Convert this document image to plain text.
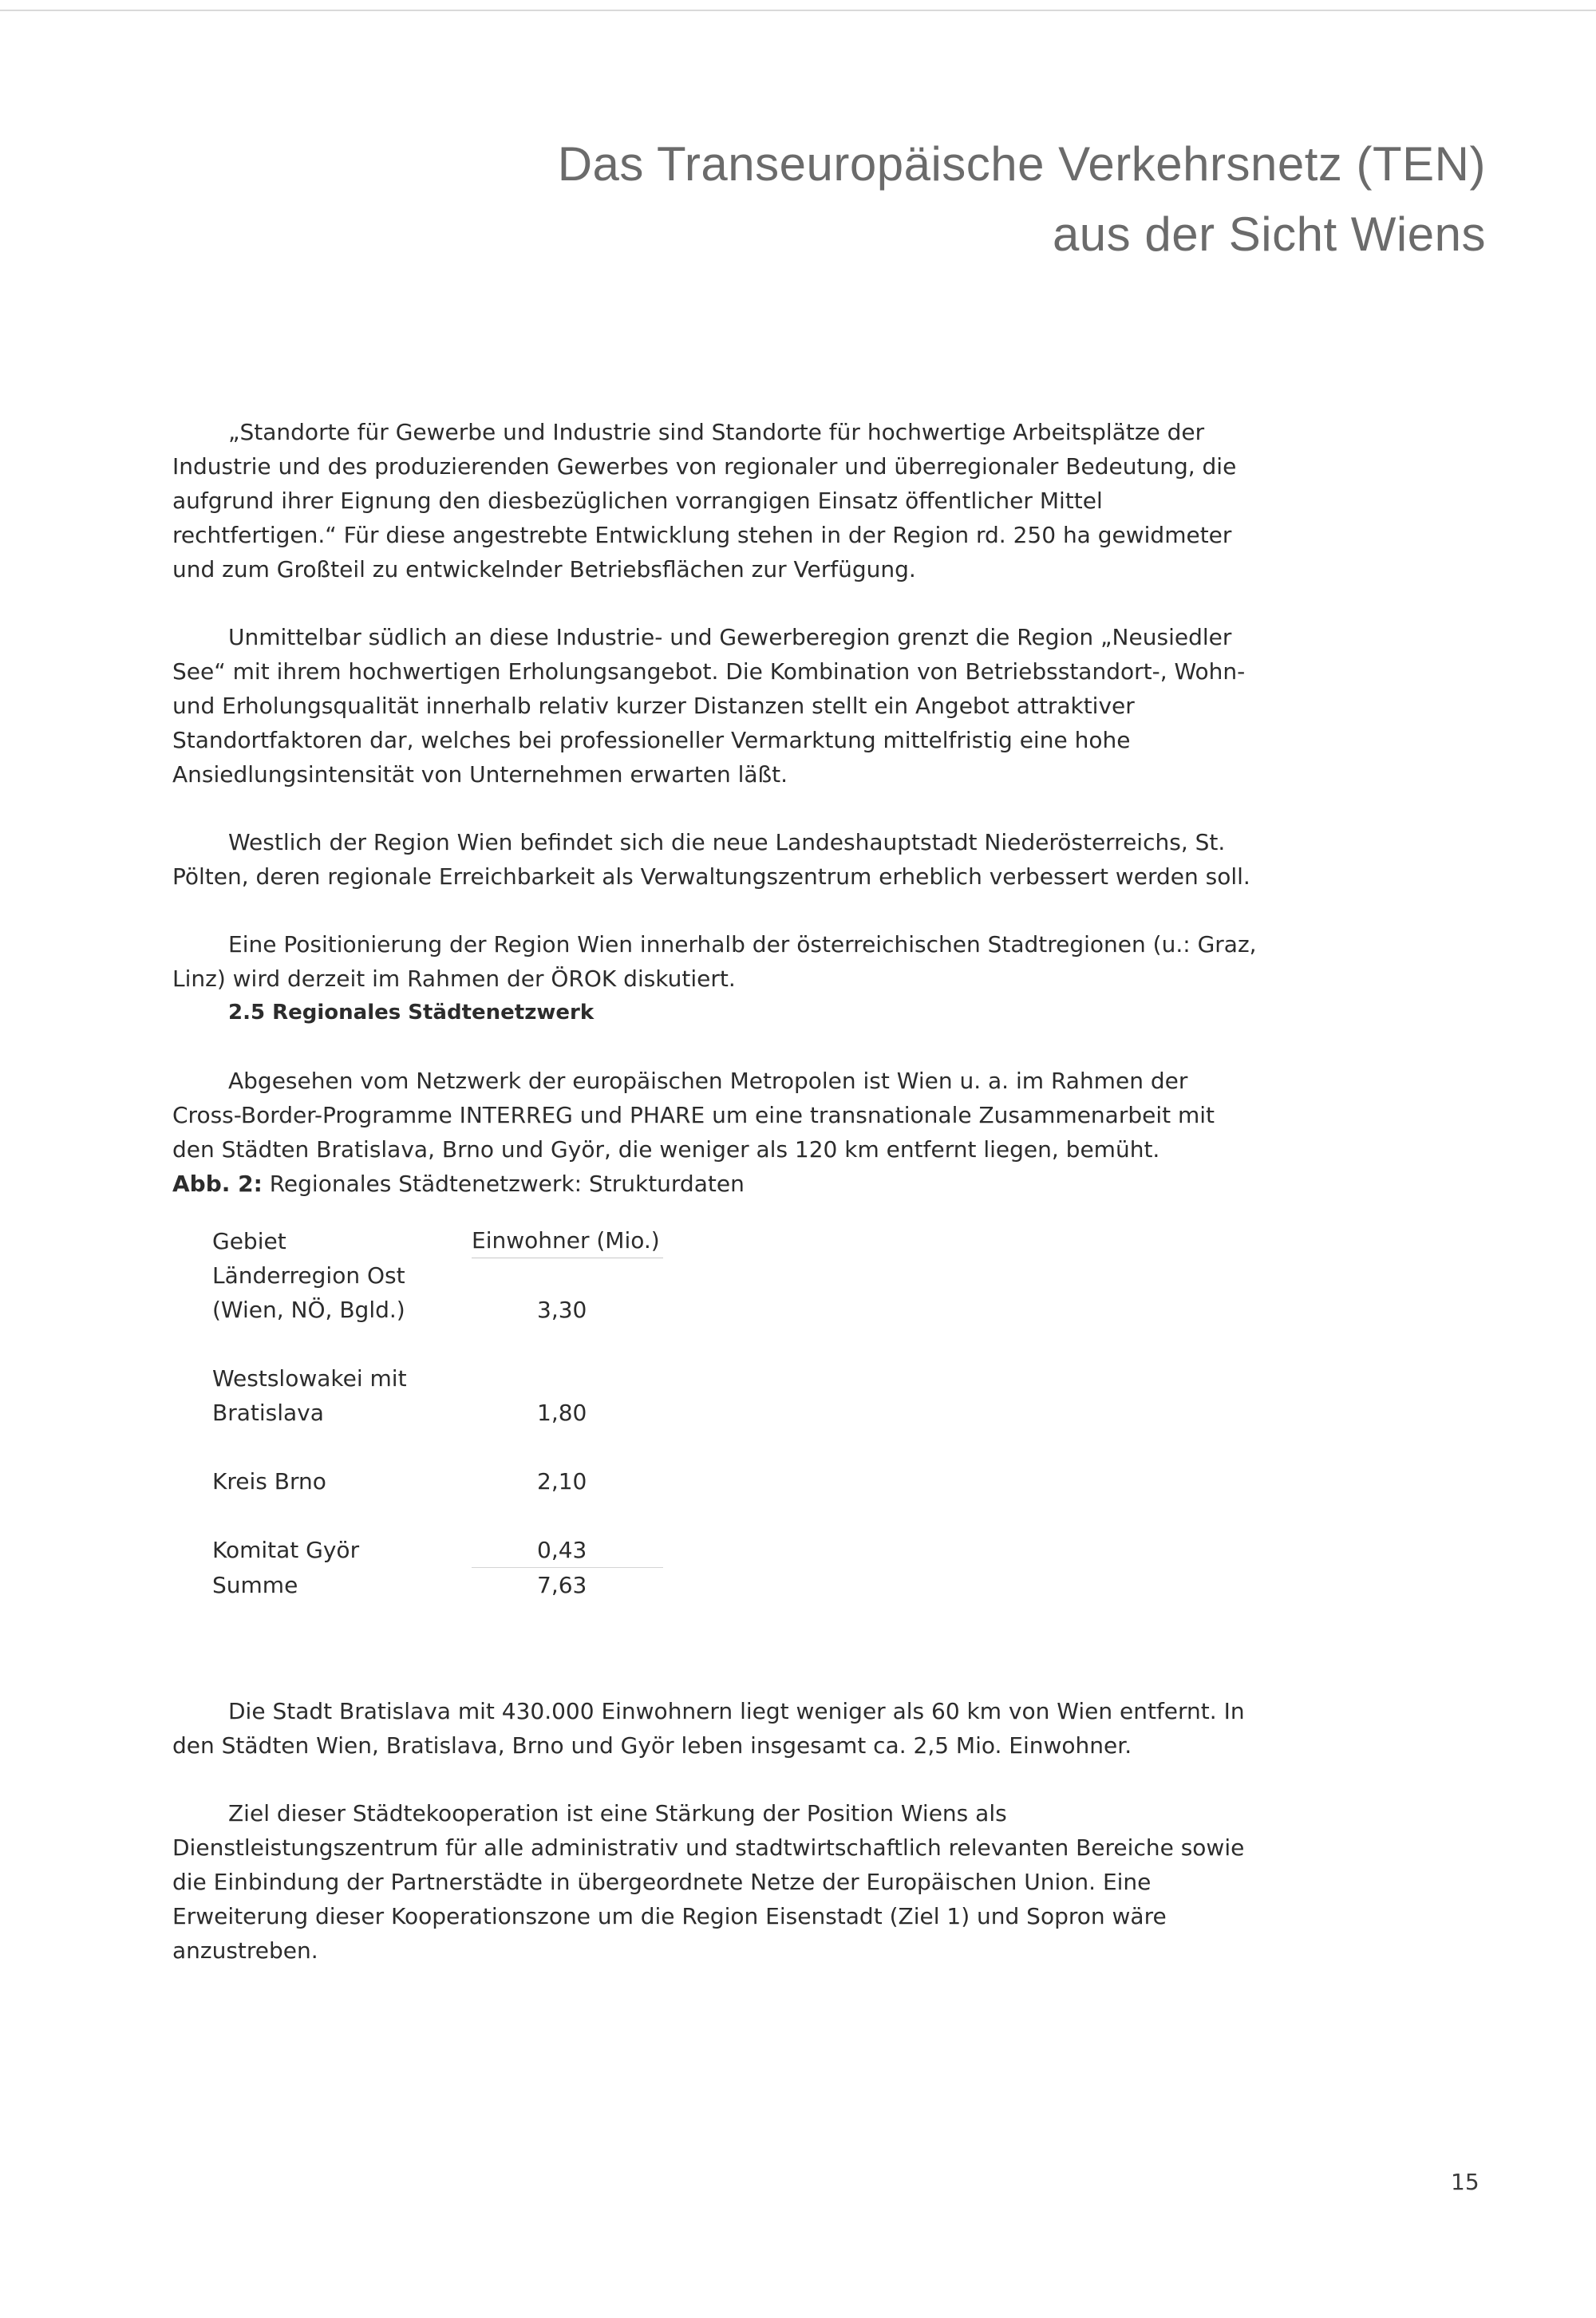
Das Transeuropäische Verkehrsnetz (TEN)
aus der Sicht Wiens

„Standorte für Gewerbe und Industrie sind Standorte für hochwertige Arbeitsplätze der Industrie und des produzierenden Gewerbes von regionaler und überregionaler Bedeutung, die aufgrund ihrer Eignung den diesbezüglichen vorrangigen Einsatz öffentlicher Mittel rechtfertigen.“ Für diese angestrebte Entwicklung stehen in der Region rd. 250 ha gewidmeter und zum Großteil zu entwickelnder Betriebsflächen zur Verfügung.

Unmittelbar südlich an diese Industrie- und Gewerberegion grenzt die Region „Neusiedler See“ mit ihrem hochwertigen Erholungsangebot. Die Kombination von Betriebsstandort-, Wohn- und Erholungsqualität innerhalb relativ kurzer Distanzen stellt ein Angebot attraktiver Standortfaktoren dar, welches bei professioneller Vermarktung mittelfristig eine hohe Ansiedlungsintensität von Unternehmen erwarten läßt.

Westlich der Region Wien befindet sich die neue Landeshauptstadt Niederösterreichs, St. Pölten, deren regionale Erreichbarkeit als Verwaltungszentrum erheblich verbessert werden soll.

Eine Positionierung der Region Wien innerhalb der österreichischen Stadtregionen (u.: Graz, Linz) wird derzeit im Rahmen der ÖROK diskutiert.

2.5 Regionales Städtenetzwerk

Abgesehen vom Netzwerk der europäischen Metropolen ist Wien u. a. im Rahmen der Cross-Border-Programme INTERREG und PHARE um eine transnationale Zusammenarbeit mit den Städten Bratislava, Brno und Györ, die weniger als 120 km entfernt liegen, bemüht.

Abb. 2: Regionales Städtenetzwerk: Strukturdaten

Gebiet	Einwohner (Mio.)
Länderregion Ost	
(Wien, NÖ, Bgld.)	3,30

Westslowakei mit	
Bratislava	1,80

Kreis Brno	2,10

Komitat Györ	0,43
Summe	7,63

Die Stadt Bratislava mit 430.000 Einwohnern liegt weniger als 60 km von Wien entfernt. In den Städten Wien, Bratislava, Brno und Györ leben insgesamt ca. 2,5 Mio. Einwohner.

Ziel dieser Städtekooperation ist eine Stärkung der Position Wiens als Dienstleistungszentrum für alle administrativ und stadtwirtschaftlich relevanten Bereiche sowie die Einbindung der Partnerstädte in übergeordnete Netze der Europäischen Union. Eine Erweiterung dieser Kooperationszone um die Region Eisenstadt (Ziel 1) und Sopron wäre anzustreben.

15
